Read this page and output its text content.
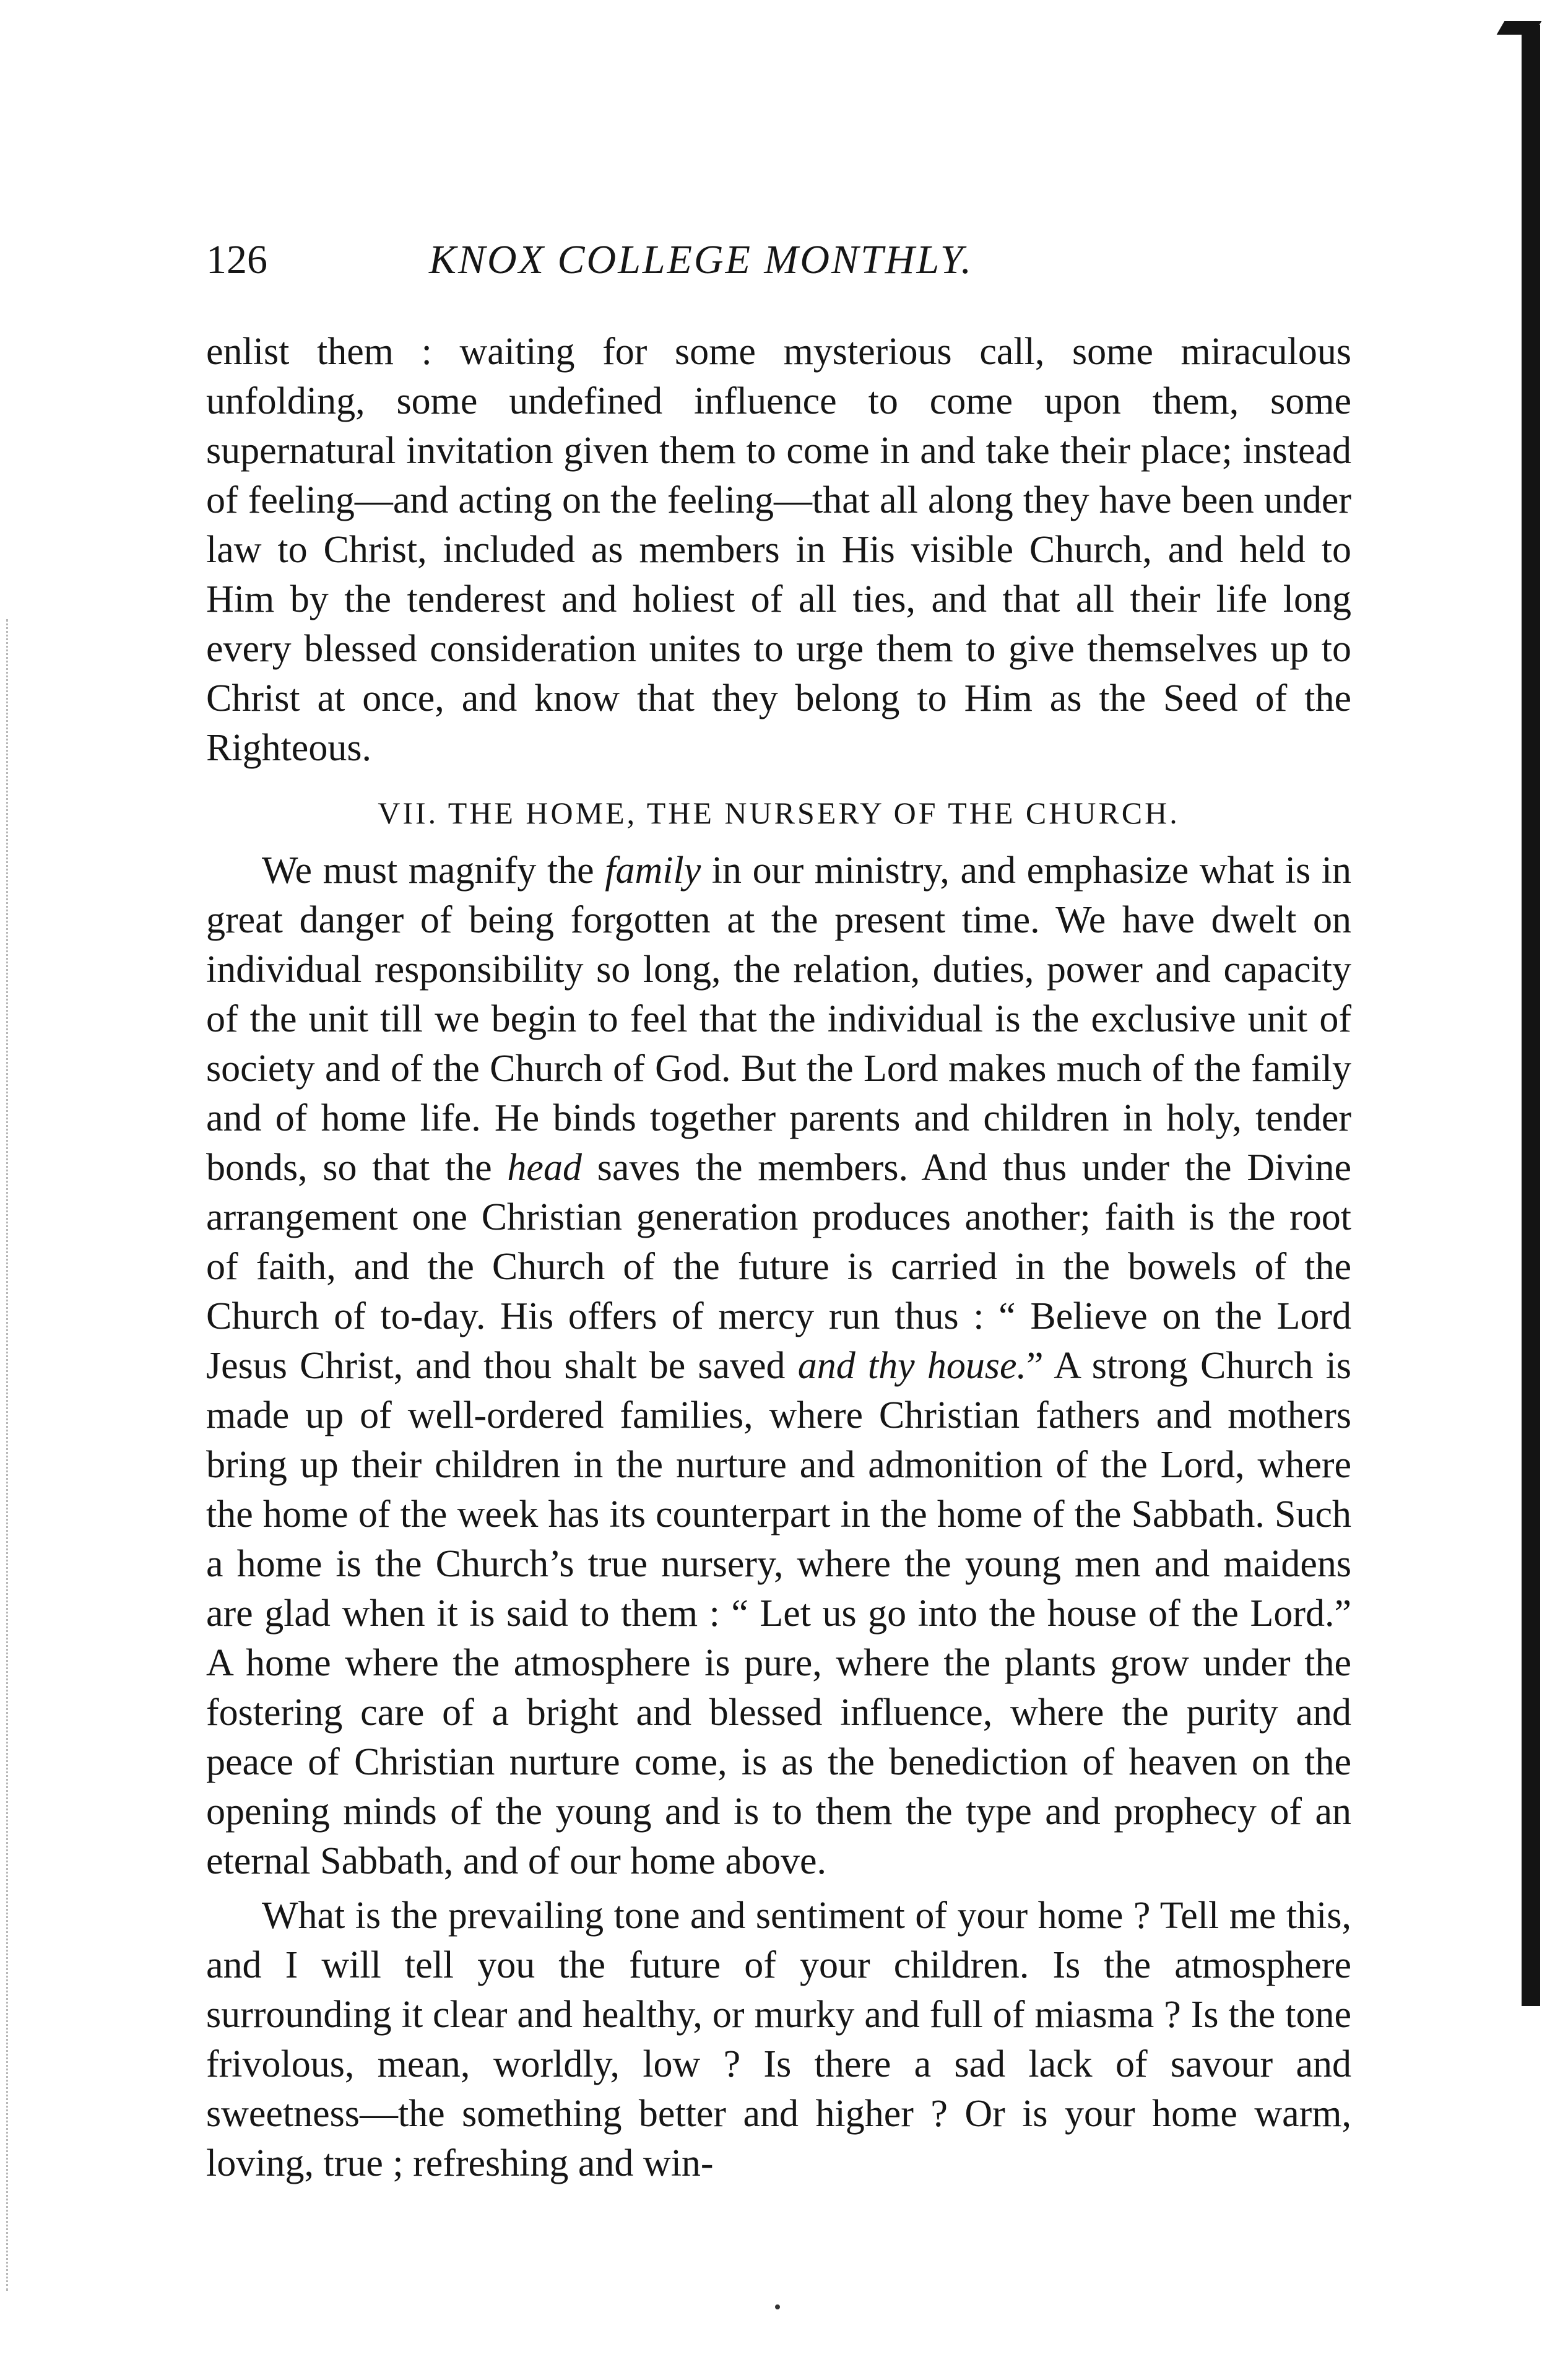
126	KNOX COLLEGE MONTHLY.

enlist them : waiting for some mysterious call, some miraculous unfolding, some undefined influence to come upon them, some supernatural invitation given them to come in and take their place; instead of feeling—and acting on the feeling—that all along they have been under law to Christ, included as members in His visible Church, and held to Him by the tenderest and holiest of all ties, and that all their life long every blessed consideration unites to urge them to give themselves up to Christ at once, and know that they belong to Him as the Seed of the Righteous.

VII. THE HOME, THE NURSERY OF THE CHURCH.

We must magnify the family in our ministry, and emphasize what is in great danger of being forgotten at the present time. We have dwelt on individual responsibility so long, the relation, duties, power and capacity of the unit till we begin to feel that the individual is the exclusive unit of society and of the Church of God. But the Lord makes much of the family and of home life. He binds together parents and children in holy, tender bonds, so that the head saves the members. And thus under the Divine arrangement one Christian generation produces another; faith is the root of faith, and the Church of the future is carried in the bowels of the Church of to-day. His offers of mercy run thus : “ Believe on the Lord Jesus Christ, and thou shalt be saved and thy house.” A strong Church is made up of well-ordered families, where Christian fathers and mothers bring up their children in the nurture and admonition of the Lord, where the home of the week has its counterpart in the home of the Sabbath. Such a home is the Church’s true nursery, where the young men and maidens are glad when it is said to them : “ Let us go into the house of the Lord.” A home where the atmosphere is pure, where the plants grow under the fostering care of a bright and blessed influence, where the purity and peace of Christian nurture come, is as the benediction of heaven on the opening minds of the young and is to them the type and prophecy of an eternal Sabbath, and of our home above.

What is the prevailing tone and sentiment of your home ? Tell me this, and I will tell you the future of your children. Is the atmosphere surrounding it clear and healthy, or murky and full of miasma ? Is the tone frivolous, mean, worldly, low ? Is there a sad lack of savour and sweetness—the something better and higher ? Or is your home warm, loving, true ; refreshing and win-
